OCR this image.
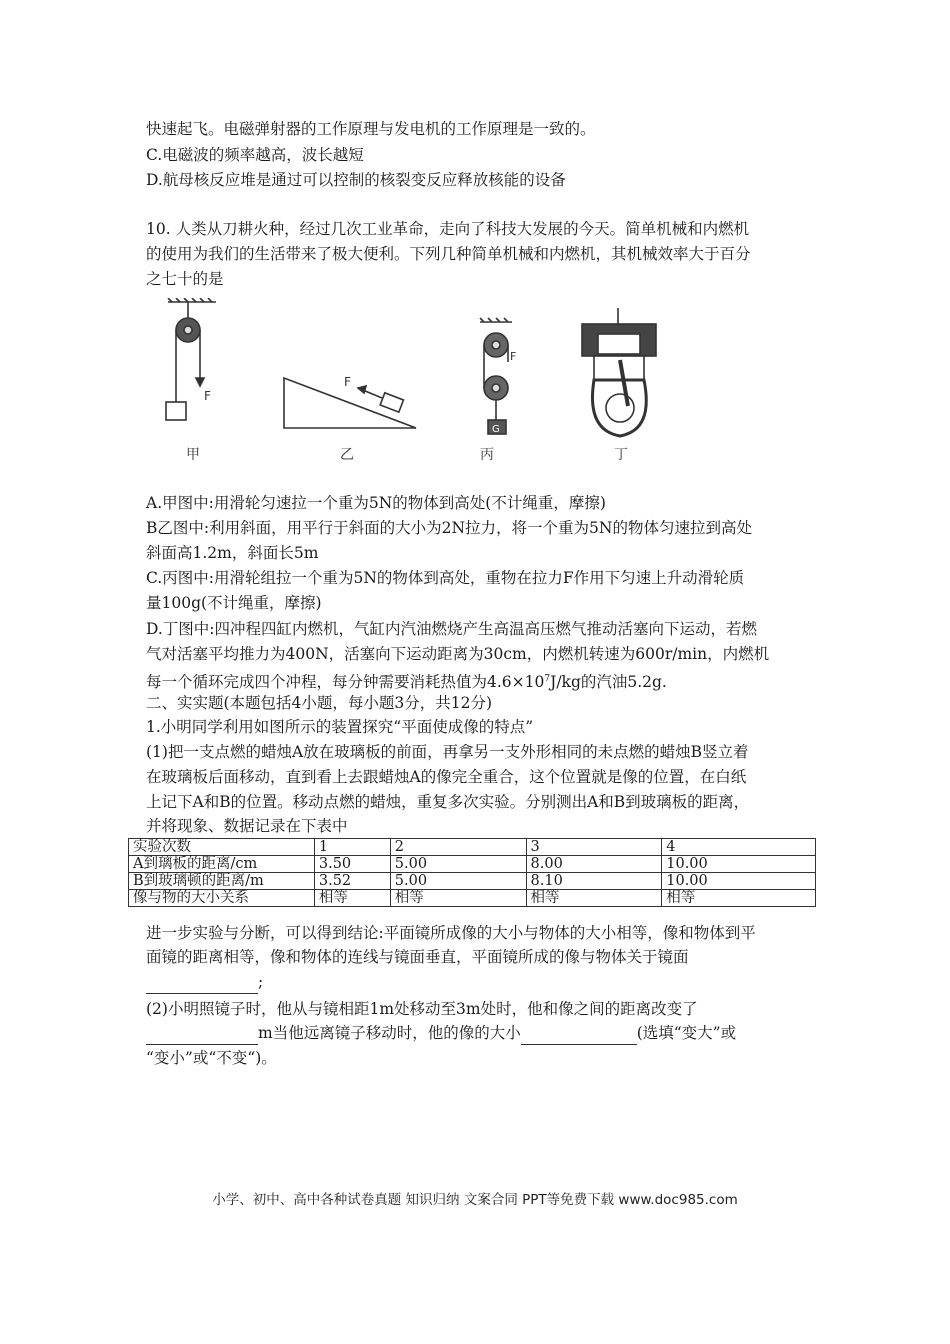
快速起飞。电磁弹射器的工作原理与发电机的工作原理是一致的。
C.电磁波的频率越高，波长越短
D.航母核反应堆是通过可以控制的核裂变反应释放核能的设备
10. 人类从刀耕火种，经过几次工业革命，走向了科技大发展的今天。简单机械和内燃机
的使用为我们的生活带来了极大便利。下列几种简单机械和内燃机，其机械效率大于百分
之七十的是
F
F
G
F
甲	乙	丙	丁
A.甲图中:用滑轮匀速拉一个重为5N的物体到高处(不计绳重，摩擦)
B乙图中:利用斜面，用平行于斜面的大小为2N拉力，将一个重为5N的物体匀速拉到高处
斜面高1.2m，斜面长5m
C.丙图中:用滑轮组拉一个重为5N的物体到高处，重物在拉力F作用下匀速上升动滑轮质
量100g(不计绳重，摩擦)
D.丁图中:四冲程四缸内燃机，气缸内汽油燃烧产生高温高压燃气推动活塞向下运动，若燃
气对活塞平均推力为400N，活塞向下运动距离为30cm，内燃机转速为600r/min，内燃机
每一个循环完成四个冲程，每分钟需要消耗热值为$4.6\times 10^7J/kg$的汽油5.2g.
二、实实题(本题包括4小题，每小题3分，共12分)
1.小明同学利用如图所示的装置探究“平面使成像的特点”
(1)把一支点燃的蜡烛A放在玻璃板的前面，再拿另一支外形相同的未点燃的蜡烛B竖立着
在玻璃板后面移动，直到看上去跟蜡烛A的像完全重合，这个位置就是像的位置，在白纸
上记下A和B的位置。移动点燃的蜡烛，重复多次实验。分别测出A和B到玻璃板的距离，
并将现象、数据记录在下表中
实验次数	1	2	3	4
A到璃板的距离/cm	3.50	5.00	8.00	10.00
B到玻璃顿的距离/m	3.52	5.00	8.10	10.00
像与物的大小关系	相等	相等	相等	相等
进一步实验与分断，可以得到结论:平面镜所成像的大小与物体的大小相等，像和物体到平
面镜的距离相等，像和物体的连线与镜面垂直，平面镜所成的像与物体关于镜面
;
(2)小明照镜子时，他从与镜相距1m处移动至3m处时，他和像之间的距离改变了
m当他远离镜子移动时，他的像的大小	(选填“变大”或
“变小”或“不变“)。
小学、初中、高中各种试卷真题 知识归纳 文案合同 PPT等免费下载 www.doc985.com
